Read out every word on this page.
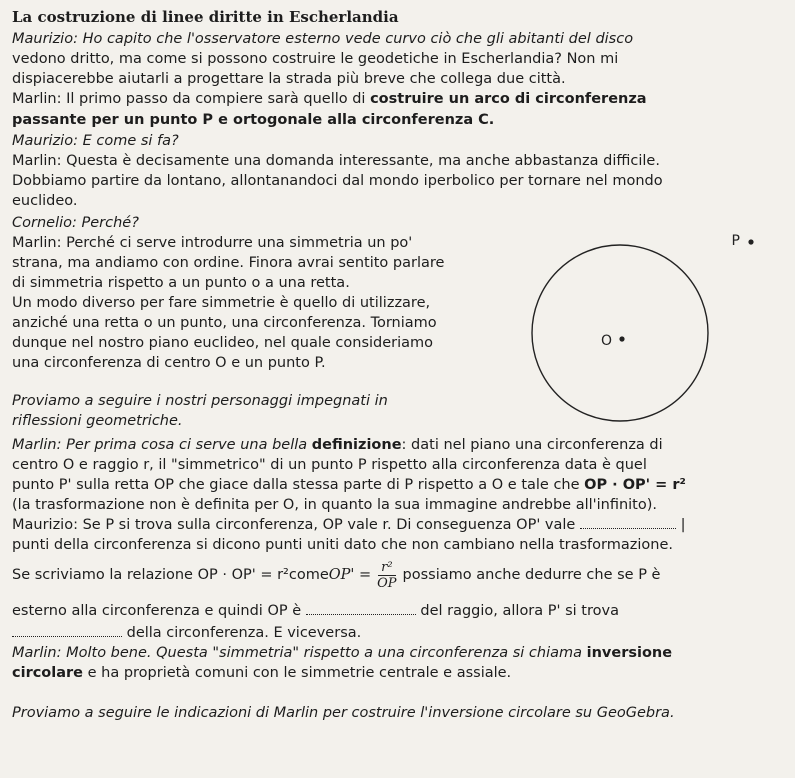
La costruzione di linee diritte in Escherlandia
Maurizio: Ho capito che l'osservatore esterno vede curvo ciò che gli abitanti del disco
vedono dritto, ma come si possono costruire le geodetiche in Escherlandia? Non mi
dispiacerebbe aiutarli a progettare la strada più breve che collega due città.
Marlin: Il primo passo da compiere sarà quello di costruire un arco di circonferenza
passante per un punto P e ortogonale alla circonferenza C.
Maurizio: E come si fa?
Marlin: Questa è decisamente una domanda interessante, ma anche abbastanza difficile.
Dobbiamo partire da lontano, allontanandoci dal mondo iperbolico per tornare nel mondo
euclideo.
Cornelio: Perché?
Marlin: Perché ci serve introdurre una simmetria un po'
strana, ma andiamo con ordine. Finora avrai sentito parlare
di simmetria rispetto a un punto o a una retta.
Un modo diverso per fare simmetrie è quello di utilizzare,
anziché una retta o un punto, una circonferenza. Torniamo
dunque nel nostro piano euclideo, nel quale consideriamo
una circonferenza di centro O e un punto P.
Proviamo a seguire i nostri personaggi impegnati in
riflessioni geometriche.
O
P
Marlin: Per prima cosa ci serve una bella definizione: dati nel piano una circonferenza di
centro O e raggio r, il "simmetrico" di un punto P rispetto alla circonferenza data è quel
punto P' sulla retta OP che giace dalla stessa parte di P rispetto a O e tale che OP · OP' = r²
(la trasformazione non è definita per O, in quanto la sua immagine andrebbe all'infinito).
Maurizio: Se P si trova sulla circonferenza, OP vale r. Di conseguenza OP' vale	|
punti della circonferenza si dicono punti uniti dato che non cambiano nella trasformazione.
Se scriviamo la relazione OP · OP' = r²come $OP' = \frac{\text{r²}}{OP}$ possiamo anche dedurre che se P è
esterno alla circonferenza e quindi OP è	del raggio, allora P' si trova
della circonferenza. E viceversa.
Marlin: Molto bene. Questa "simmetria" rispetto a una circonferenza si chiama inversione
circolare e ha proprietà comuni con le simmetrie centrale e assiale.
Proviamo a seguire le indicazioni di Marlin per costruire l'inversione circolare su GeoGebra.
